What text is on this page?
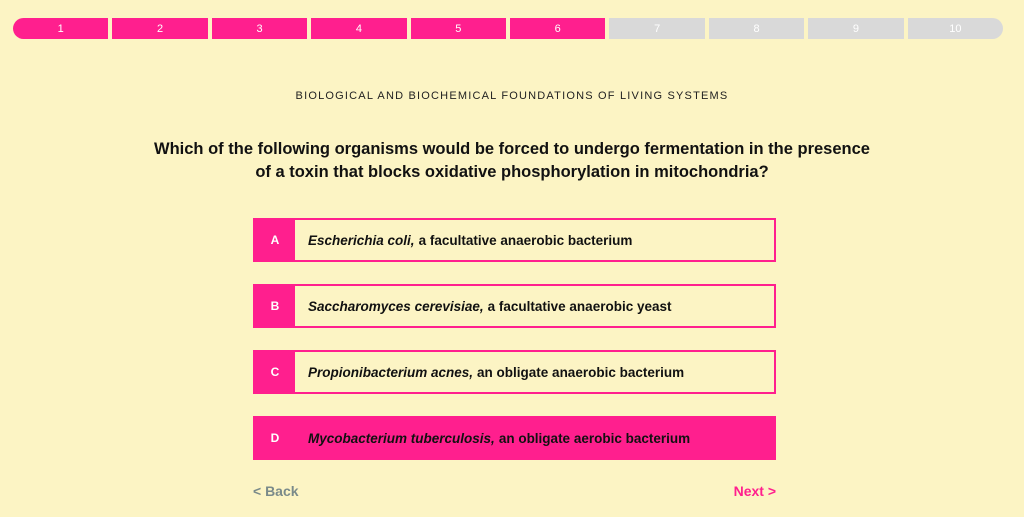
1	2	3	4	5	6	7	8	9	10
BIOLOGICAL AND BIOCHEMICAL FOUNDATIONS OF LIVING SYSTEMS
Which of the following organisms would be forced to undergo fermentation in the presence of a toxin that blocks oxidative phosphorylation in mitochondria?
A	Escherichia coli, a facultative anaerobic bacterium
B	Saccharomyces cerevisiae, a facultative anaerobic yeast
C	Propionibacterium acnes, an obligate anaerobic bacterium
D	Mycobacterium tuberculosis, an obligate aerobic bacterium
< Back	Next >
